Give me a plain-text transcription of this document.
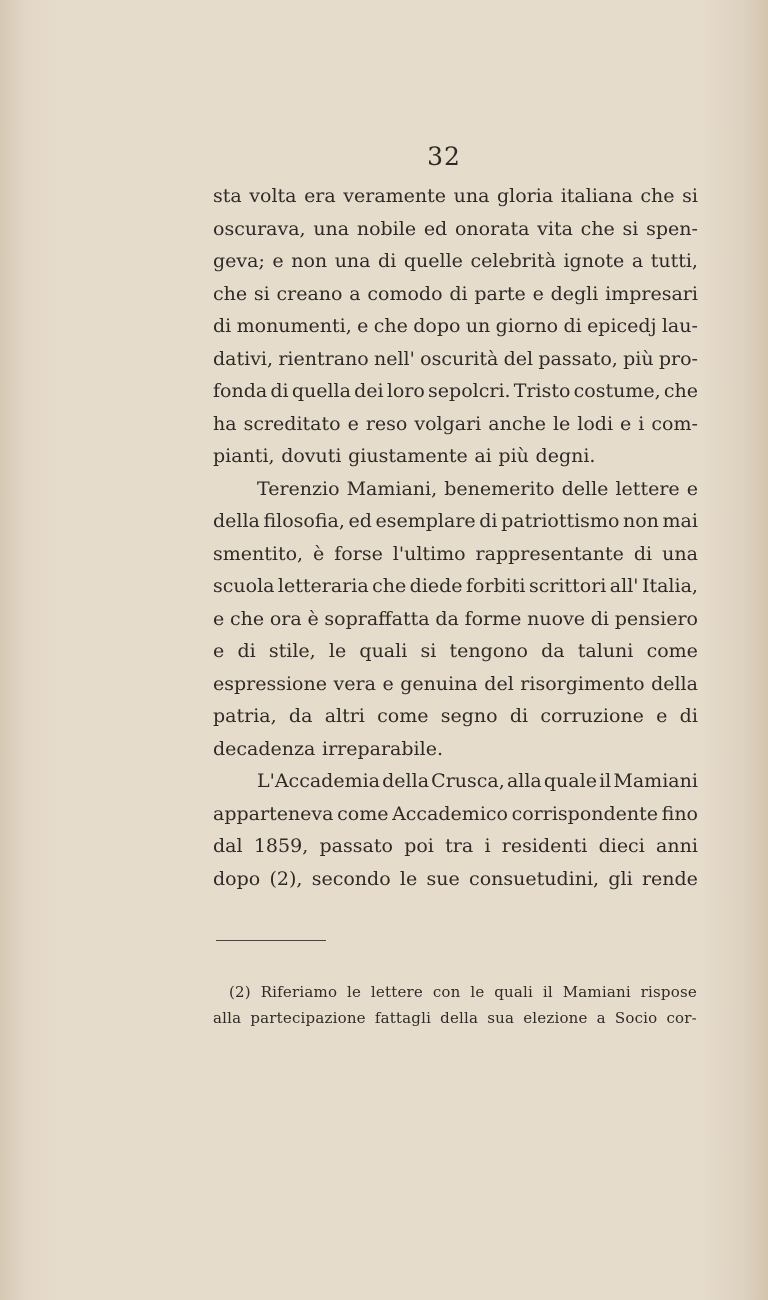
32
sta volta era veramente una gloria italiana che si
oscurava, una nobile ed onorata vita che si spen-
geva; e non una di quelle celebrità ignote a tutti,
che si creano a comodo di parte e degli impresari
di monumenti, e che dopo un giorno di epicedj lau-
dativi, rientrano nell' oscurità del passato, più pro-
fonda di quella dei loro sepolcri. Tristo costume, che
ha screditato e reso volgari anche le lodi e i com-
pianti, dovuti giustamente ai più degni.
Terenzio Mamiani, benemerito delle lettere e
della filosofia, ed esemplare di patriottismo non mai
smentito, è forse l'ultimo rappresentante di una
scuola letteraria che diede forbiti scrittori all' Italia,
e che ora è sopraffatta da forme nuove di pensiero
e di stile, le quali si tengono da taluni come
espressione vera e genuina del risorgimento della
patria, da altri come segno di corruzione e di
decadenza irreparabile.
L'Accademia della Crusca, alla quale il Mamiani
apparteneva come Accademico corrispondente fino
dal 1859, passato poi tra i residenti dieci anni
dopo (2), secondo le sue consuetudini, gli rende
(2) Riferiamo le lettere con le quali il Mamiani rispose
alla partecipazione fattagli della sua elezione a Socio cor-
